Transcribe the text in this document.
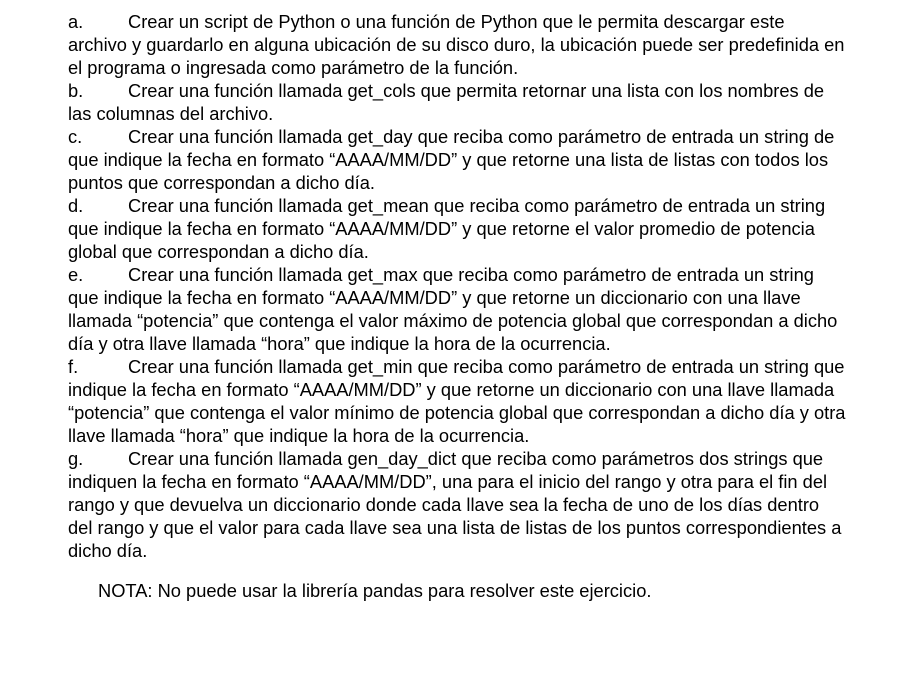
a. Crear un script de Python o una función de Python que le permita descargar este archivo y guardarlo en alguna ubicación de su disco duro, la ubicación puede ser predefinida en el programa o ingresada como parámetro de la función.

b. Crear una función llamada get_cols que permita retornar una lista con los nombres de las columnas del archivo.

c.	Crear una función llamada get_day que reciba como parámetro de entrada un string de que indique la fecha en formato “AAAA/MM/DD” y que retorne una lista de listas con todos los puntos que correspondan a dicho día.

d. Crear una función llamada get_mean que reciba como parámetro de entrada un string que indique la fecha en formato “AAAA/MM/DD” y que retorne el valor promedio de potencia global que correspondan a dicho día.

e. Crear una función llamada get_max que reciba como parámetro de entrada un string que indique la fecha en formato “AAAA/MM/DD” y que retorne un diccionario con una llave llamada “potencia” que contenga el valor máximo de potencia global que correspondan a dicho día y otra llave llamada “hora” que indique la hora de la ocurrencia.

f.	Crear una función llamada get_min que reciba como parámetro de entrada un string que indique la fecha en formato “AAAA/MM/DD” y que retorne un diccionario con una llave llamada “potencia” que contenga el valor mínimo de potencia global que correspondan a dicho día y otra llave llamada “hora” que indique la hora de la ocurrencia.

g. Crear una función llamada gen_day_dict que reciba como parámetros dos strings que indiquen la fecha en formato “AAAA/MM/DD”, una para el inicio del rango y otra para el fin del rango y que devuelva un diccionario donde cada llave sea la fecha de uno de los días dentro del rango y que el valor para cada llave sea una lista de listas de los puntos correspondientes a dicho día.

NOTA: No puede usar la librería pandas para resolver este ejercicio.
